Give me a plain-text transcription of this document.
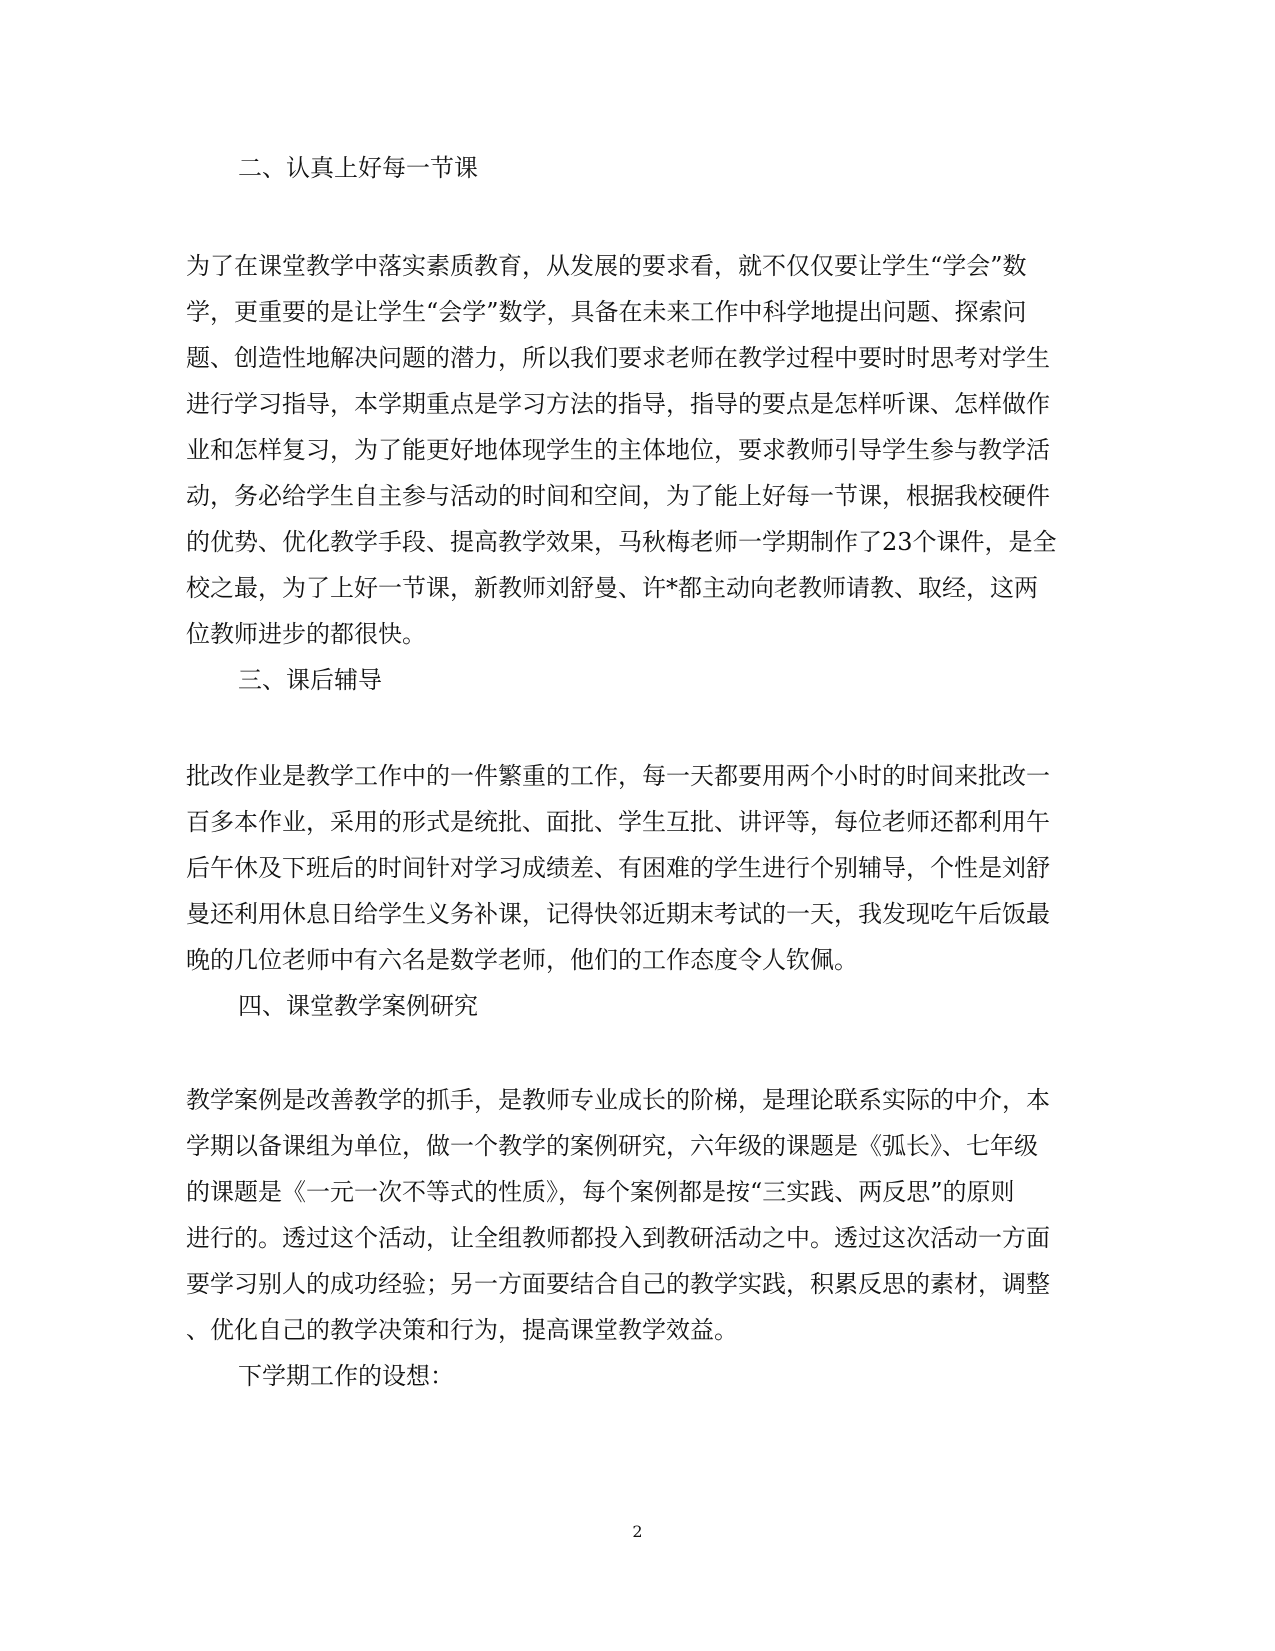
二、认真上好每一节课
为了在课堂教学中落实素质教育，从发展的要求看，就不仅仅要让学生“学会”数
学，更重要的是让学生“会学”数学，具备在未来工作中科学地提出问题、探索问
题、创造性地解决问题的潜力，所以我们要求老师在教学过程中要时时思考对学生
进行学习指导，本学期重点是学习方法的指导，指导的要点是怎样听课、怎样做作
业和怎样复习，为了能更好地体现学生的主体地位，要求教师引导学生参与教学活
动，务必给学生自主参与活动的时间和空间，为了能上好每一节课，根据我校硬件
的优势、优化教学手段、提高教学效果，马秋梅老师一学期制作了23个课件，是全
校之最，为了上好一节课，新教师刘舒曼、许*都主动向老教师请教、取经，这两
位教师进步的都很快。
三、课后辅导
批改作业是教学工作中的一件繁重的工作，每一天都要用两个小时的时间来批改一
百多本作业，采用的形式是统批、面批、学生互批、讲评等，每位老师还都利用午
后午休及下班后的时间针对学习成绩差、有困难的学生进行个别辅导，个性是刘舒
曼还利用休息日给学生义务补课，记得快邻近期末考试的一天，我发现吃午后饭最
晚的几位老师中有六名是数学老师，他们的工作态度令人钦佩。
四、课堂教学案例研究
教学案例是改善教学的抓手，是教师专业成长的阶梯，是理论联系实际的中介，本
学期以备课组为单位，做一个教学的案例研究，六年级的课题是《弧长》、七年级
的课题是《一元一次不等式的性质》，每个案例都是按“三实践、两反思”的原则
进行的。透过这个活动，让全组教师都投入到教研活动之中。透过这次活动一方面
要学习别人的成功经验；另一方面要结合自己的教学实践，积累反思的素材，调整
、优化自己的教学决策和行为，提高课堂教学效益。
下学期工作的设想：
2
